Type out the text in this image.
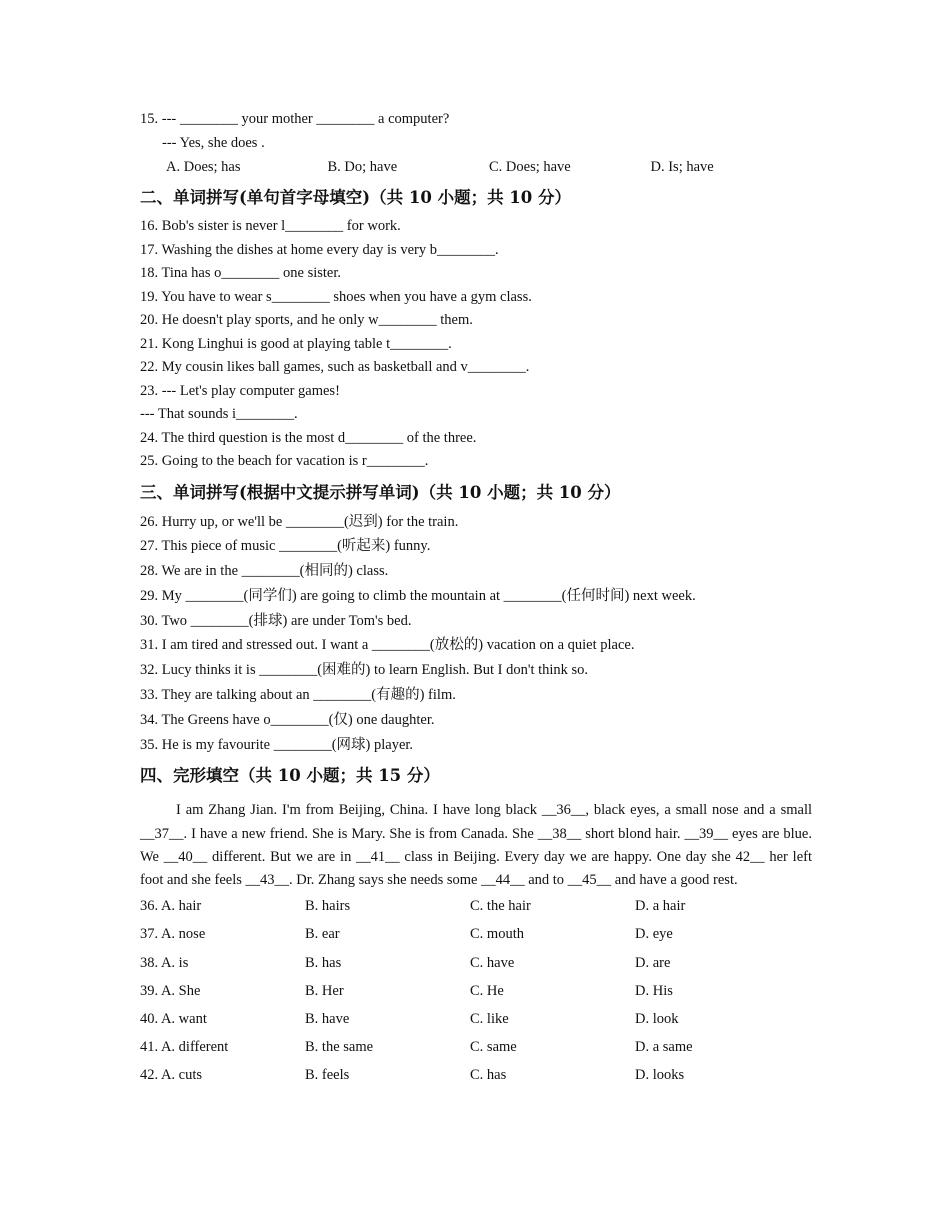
15. --- ________ your mother ________ a computer?
--- Yes, she does .
A. Does; has	B. Do; have	C. Does; have	D. Is; have
二、单词拼写(单句首字母填空)（共 10 小题；共 10 分）
16. Bob's sister is never l________ for work.
17. Washing the dishes at home every day is very b________.
18. Tina has o________ one sister.
19. You have to wear s________ shoes when you have a gym class.
20. He doesn't play sports, and he only w________ them.
21. Kong Linghui is good at playing table t________.
22. My cousin likes ball games, such as basketball and v________.
23. --- Let's play computer games!
--- That sounds i________.
24. The third question is the most d________ of the three.
25. Going to the beach for vacation is r________.
三、单词拼写(根据中文提示拼写单词)（共 10 小题；共 10 分）
26. Hurry up, or we'll be ________(迟到) for the train.
27. This piece of music ________(听起来) funny.
28. We are in the ________(相同的) class.
29. My ________(同学们) are going to climb the mountain at ________(任何时间) next week.
30. Two ________(排球) are under Tom's bed.
31. I am tired and stressed out. I want a ________(放松的) vacation on a quiet place.
32. Lucy thinks it is ________(困难的) to learn English. But I don't think so.
33. They are talking about an ________(有趣的) film.
34. The Greens have o________(仅) one daughter.
35. He is my favourite ________(网球) player.
四、完形填空（共 10 小题；共 15 分）

I am Zhang Jian. I'm from Beijing, China. I have long black __36__, black eyes, a small nose and a small __37__. I have a new friend. She is Mary. She is from Canada. She __38__ short blond hair. __39__ eyes are blue. We __40__ different. But we are in __41__ class in Beijing. Every day we are happy. One day she 42__ her left foot and she feels __43__. Dr. Zhang says she needs some __44__ and to __45__ and have a good rest.

36. A. hair	B. hairs	C. the hair	D. a hair
37. A. nose	B. ear	C. mouth	D. eye
38. A. is	B. has	C. have	D. are
39. A. She	B. Her	C. He	D. His
40. A. want	B. have	C. like	D. look
41. A. different	B. the same	C. same	D. a same
42. A. cuts	B. feels	C. has	D. looks
